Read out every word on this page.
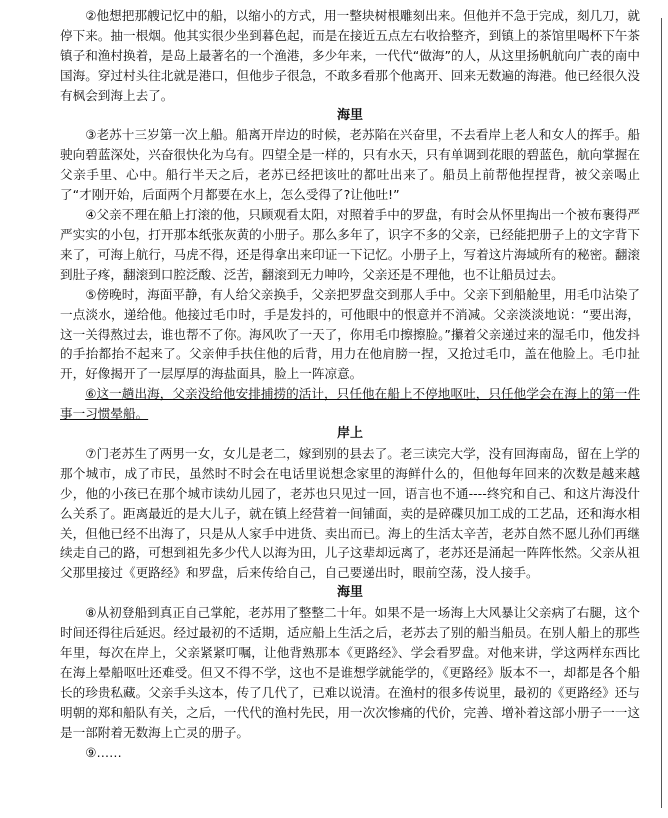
②他想把那艘记忆中的船，以缩小的方式，用一整块树根雕刻出来。但他并不急于完成，刻几刀，就停下来。抽一根烟。他其实很少坐到暮色起，而是在接近五点左右收拾整齐，到镇上的茶馆里喝杯下午茶镇子和渔村换着，是岛上最著名的一个渔港，多少年来，一代代“做海”的人，从这里扬帆航向广表的南中国海。穿过村头往北就是港口，但他步子很急，不敢多看那个他离开、回来无数遍的海港。他已经很久没有枫会到海上去了。

海里

③老苏十三岁第一次上船。船离开岸边的时候，老苏陷在兴奋里，不去看岸上老人和女人的挥手。船驶向碧蓝深处，兴奋很快化为乌有。四望全是一样的，只有水天，只有单调到花眼的碧蓝色，航向掌握在父亲手里、心中。船行半天之后，老苏已经把该吐的都吐出来了。船员上前帮他捏捏背，被父亲喝止了“才刚开始，后面两个月都要在水上，怎么受得了?让他吐!”

④父亲不理在船上打滚的他，只顾观看太阳，对照着手中的罗盘，有时会从怀里掏出一个被布裹得严严实实的小包，打开那本纸张灰黄的小册子。那么多年了，识字不多的父亲，已经能把册子上的文字背下来了，可海上航行，马虎不得，还是得拿出来印证一下记忆。小册子上，写着这片海域所有的秘密。翻滚到肚子疼，翻滚到口腔泛酸、泛苦，翻滚到无力呻吟，父亲还是不理他，也不让船员过去。

⑤傍晚时，海面平静，有人给父亲换手，父亲把罗盘交到那人手中。父亲下到船舱里，用毛巾沾染了一点淡水，递给他。他接过毛巾时，手是发抖的，可他眼中的恨意并不消减。父亲淡淡地说：“要出海，这一关得熬过去，谁也帮不了你。海风吹了一天了，你用毛巾擦擦脸。”攥着父亲递过来的湿毛巾，他发抖的手抬都抬不起来了。父亲伸手扶住他的后背，用力在他肩膀一捏，又抢过毛巾，盖在他脸上。毛巾扯开，好像揭开了一层厚厚的海盐面具，脸上一阵凉意。

⑥这一趟出海，父亲没给他安排捕捞的活计，只任他在船上不停地呕吐，只任他学会在海上的第一件事一习惯晕船。

岸上

⑦门老苏生了两男一女，女儿是老二，嫁到别的县去了。老三读完大学，没有回海南岛，留在上学的那个城市，成了市民，虽然时不时会在电话里说想念家里的海鲜什么的，但他每年回来的次数是越来越少，他的小孩已在那个城市读幼儿园了，老苏也只见过一回，语言也不通----终究和自己、和这片海没什么关系了。距离最近的是大儿子，就在镇上经营着一间铺面，卖的是碎碟贝加工成的工艺品，还和海水相关，但他已经不出海了，只是从人家手中进货、卖出而已。海上的生活太辛苦，老苏自然不愿儿孙们再继续走自己的路，可想到祖先多少代人以海为田，儿子这辈却远离了，老苏还是涌起一阵阵怅然。父亲从祖父那里接过《更路经》和罗盘，后来传给自己，自己要递出时，眼前空荡，没人接手。

海里

⑧从初登船到真正自己掌舵，老苏用了整整二十年。如果不是一场海上大风暴让父亲病了右腿，这个时间还得往后延迟。经过最初的不适期，适应船上生活之后，老苏去了别的船当船员。在别人船上的那些年里，每次在岸上，父亲紧紧叮嘱，让他背熟那本《更路经》、学会看罗盘。对他来讲，学这两样东西比在海上晕船呕吐还难受。但又不得不学，这也不是谁想学就能学的，《更路经》版本不一，却都是各个船长的珍贵私藏。父亲手头这本，传了几代了，已难以说清。在渔村的很多传说里，最初的《更路经》还与明朝的郑和船队有关，之后，一代代的渔村先民，用一次次惨痛的代价，完善、增补着这部小册子一一这是一部附着无数海上亡灵的册子。

⑨……
